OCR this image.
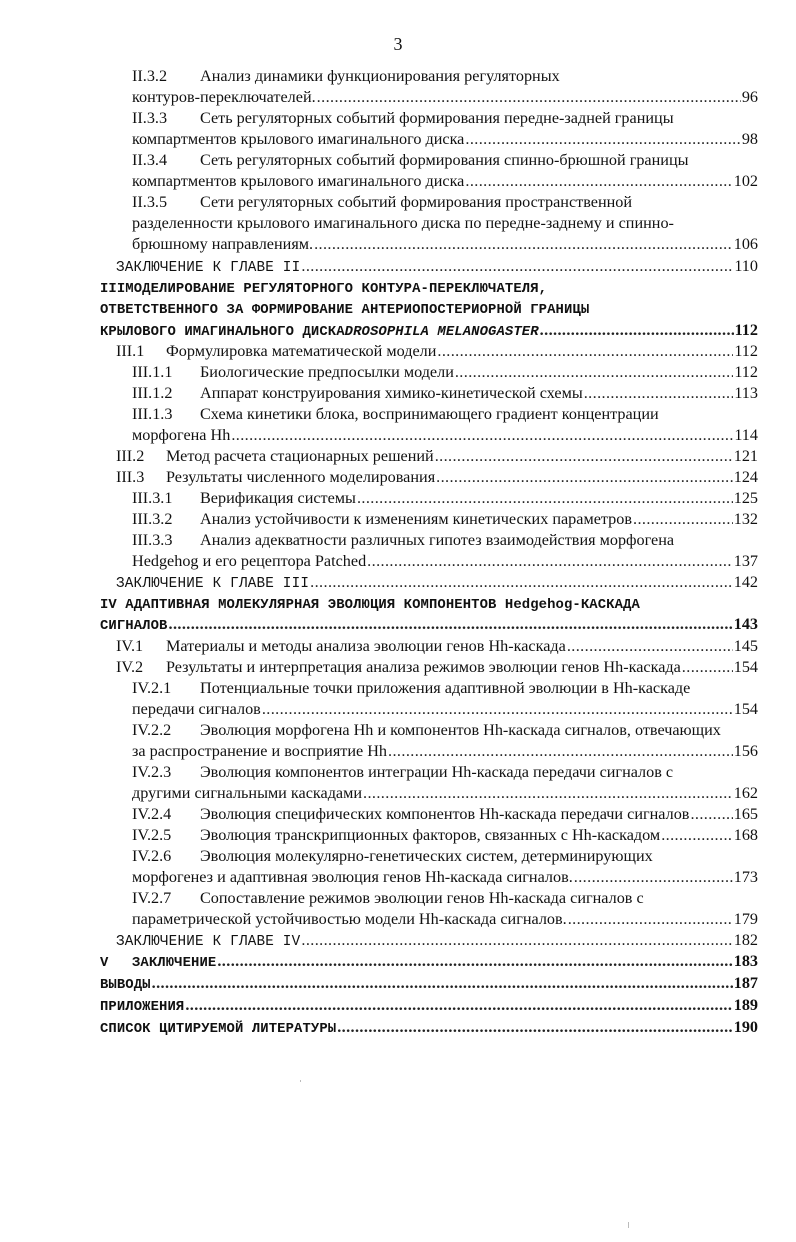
3
II.3.2 Анализ динамики функционирования регуляторных
контуров-переключателей. .....	96
II.3.3 Сеть регуляторных событий формирования передне-задней границы
компартментов крылового имагинального диска .....	98
II.3.4 Сеть регуляторных событий формирования спинно-брюшной границы
компартментов крылового имагинального диска .....	102
II.3.5 Сети регуляторных событий формирования пространственной
разделенности крылового имагинального диска по передне-заднему и спинно-
брюшному направлениям. .....	106
ЗАКЛЮЧЕНИЕ К ГЛАВЕ II .....	110
IIIМОДЕЛИРОВАНИЕ РЕГУЛЯТОРНОГО КОНТУРА-ПЕРЕКЛЮЧАТЕЛЯ,
ОТВЕТСТВЕННОГО ЗА ФОРМИРОВАНИЕ АНТЕРИОПОСТЕРИОРНОЙ ГРАНИЦЫ
КРЫЛОВОГО ИМАГИНАЛЬНОГО ДИСКА DROSOPHILA MELANOGASTER .....	112
III.1	Формулировка математической модели .....	112
III.1.1	Биологические предпосылки модели .....	112
III.1.2	Аппарат конструирования химико-кинетической схемы .....	113
III.1.3 Схема кинетики блока, воспринимающего градиент концентрации
морфогена Hh .....	114
III.2	Метод расчета стационарных решений .....	121
III.3	Результаты численного моделирования .....	124
III.3.1	Верификация системы .....	125
III.3.2	Анализ устойчивости к изменениям кинетических параметров .....	132
III.3.3 Анализ адекватности различных гипотез взаимодействия морфогена
Hedgehog и его рецептора Patched .....	137
ЗАКЛЮЧЕНИЕ К ГЛАВЕ III .....	142
IV АДАПТИВНАЯ МОЛЕКУЛЯРНАЯ ЭВОЛЮЦИЯ КОМПОНЕНТОВ Hedgehog-КАСКАДА
СИГНАЛОВ .....	143
IV.1	Материалы и методы анализа эволюции генов Hh-каскада .....	145
IV.2	Результаты и интерпретация анализа режимов эволюции генов Hh-каскада .....	154
IV.2.1 Потенциальные точки приложения адаптивной эволюции в Hh-каскаде
передачи сигналов .....	154
IV.2.2 Эволюция морфогена Hh и компонентов Hh-каскада сигналов, отвечающих
за распространение и восприятие Hh .....	156
IV.2.3 Эволюция компонентов интеграции Hh-каскада передачи сигналов с
другими сигнальными каскадами .....	162
IV.2.4	Эволюция специфических компонентов Hh-каскада передачи сигналов .....	165
IV.2.5	Эволюция транскрипционных факторов, связанных с Hh-каскадом .....	168
IV.2.6 Эволюция молекулярно-генетических систем, детерминирующих
морфогенез и адаптивная эволюция генов Hh-каскада сигналов. .....	173
IV.2.7 Сопоставление режимов эволюции генов Hh-каскада сигналов с
параметрической устойчивостью модели Hh-каскада сигналов. .....	179
ЗАКЛЮЧЕНИЕ К ГЛАВЕ IV .....	182
V	ЗАКЛЮЧЕНИЕ .....	183
ВЫВОДЫ .....	187
ПРИЛОЖЕНИЯ .....	189
СПИСОК ЦИТИРУЕМОЙ ЛИТЕРАТУРЫ .....	190
